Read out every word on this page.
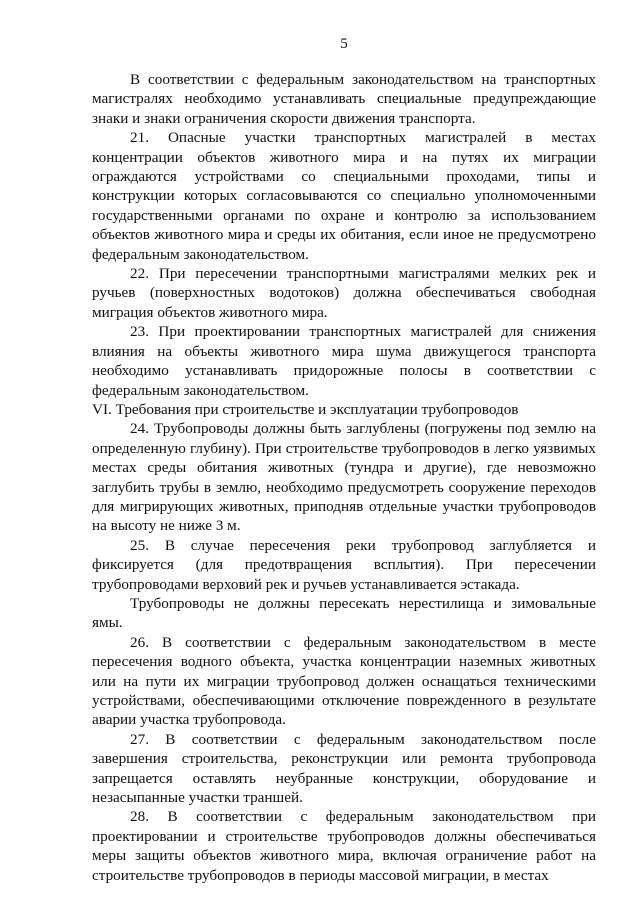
5

В соответствии с федеральным законодательством на транспортных магистралях необходимо устанавливать специальные предупреждающие знаки и знаки ограничения скорости движения транспорта.

21. Опасные участки транспортных магистралей в местах концентрации объектов животного мира и на путях их миграции ограждаются устройствами со специальными проходами, типы и конструкции которых согласовываются со специально уполномоченными государственными органами по охране и контролю за использованием объектов животного мира и среды их обитания, если иное не предусмотрено федеральным законодательством.

22. При пересечении транспортными магистралями мелких рек и ручьев (поверхностных водотоков) должна обеспечиваться свободная миграция объектов животного мира.

23. При проектировании транспортных магистралей для снижения влияния на объекты животного мира шума движущегося транспорта необходимо устанавливать придорожные полосы в соответствии с федеральным законодательством.

VI. Требования при строительстве и эксплуатации трубопроводов

24. Трубопроводы должны быть заглублены (погружены под землю на определенную глубину). При строительстве трубопроводов в легко уязвимых местах среды обитания животных (тундра и другие), где невозможно заглубить трубы в землю, необходимо предусмотреть сооружение переходов для мигрирующих животных, приподняв отдельные участки трубопроводов на высоту не ниже 3 м.

25. В случае пересечения реки трубопровод заглубляется и фиксируется (для предотвращения всплытия). При пересечении трубопроводами верховий рек и ручьев устанавливается эстакада.

Трубопроводы не должны пересекать нерестилища и зимовальные ямы.

26. В соответствии с федеральным законодательством в месте пересечения водного объекта, участка концентрации наземных животных или на пути их миграции трубопровод должен оснащаться техническими устройствами, обеспечивающими отключение поврежденного в результате аварии участка трубопровода.

27. В соответствии с федеральным законодательством после завершения строительства, реконструкции или ремонта трубопровода запрещается оставлять неубранные конструкции, оборудование и незасыпанные участки траншей.

28. В соответствии с федеральным законодательством при проектировании и строительстве трубопроводов должны обеспечиваться меры защиты объектов животного мира, включая ограничение работ на строительстве трубопроводов в периоды массовой миграции, в местах
